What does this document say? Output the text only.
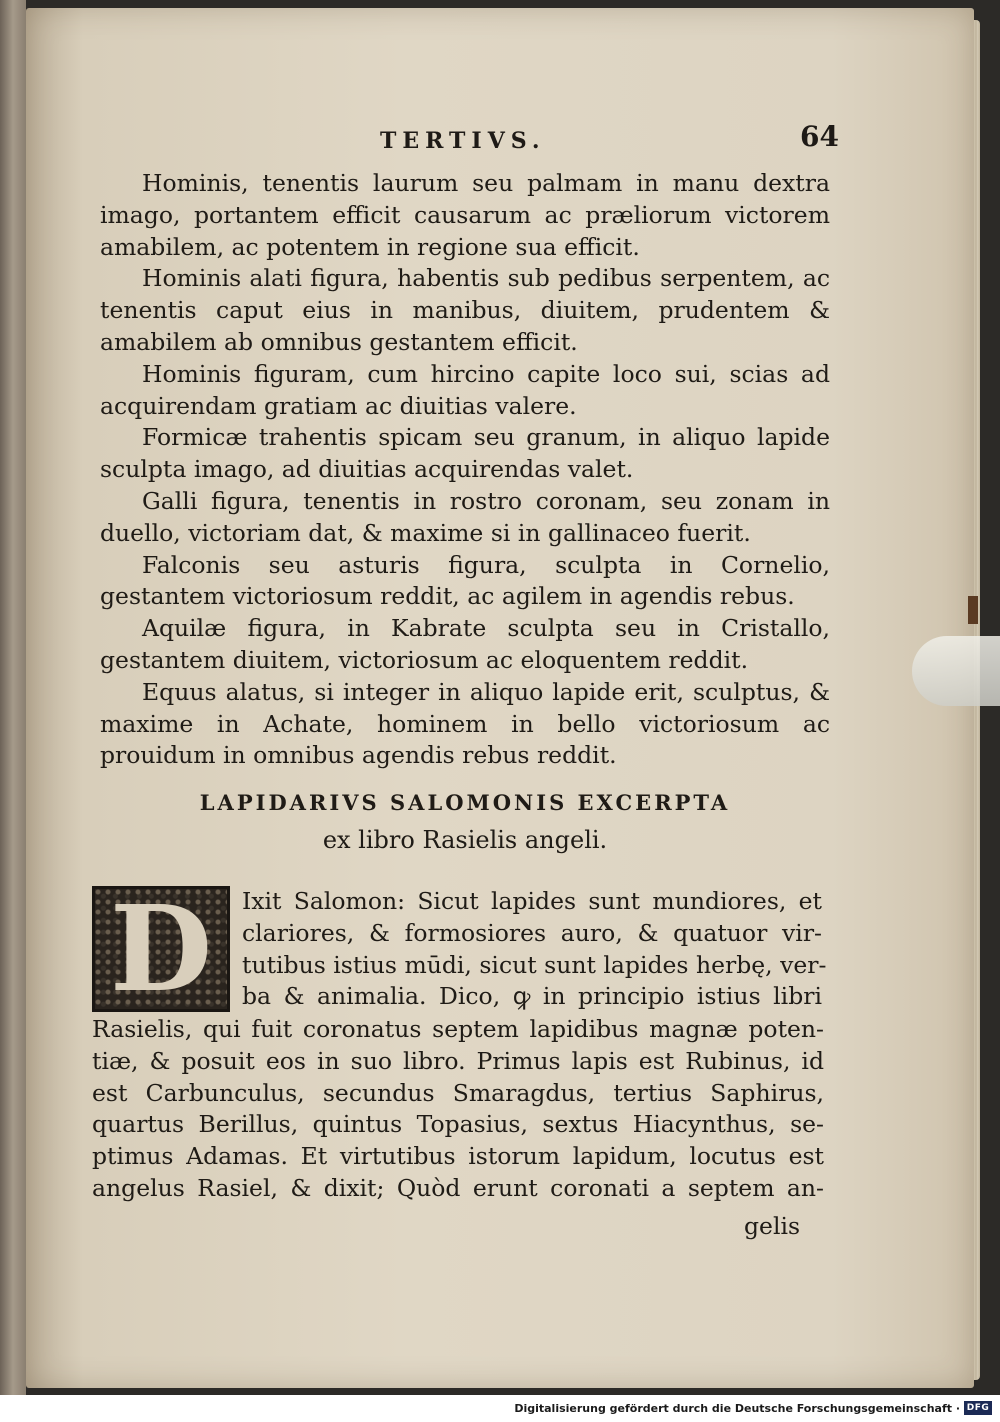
TERTIVS.	64

Hominis, tenentis laurum seu palmam in manu dextra imago, portantem efficit causarum ac præliorum victorem amabilem, ac potentem in regione sua efficit.

Hominis alati figura, habentis sub pedibus serpentem, ac tenentis caput eius in manibus, diuitem, prudentem & amabilem ab omnibus gestantem efficit.

Hominis figuram, cum hircino capite loco sui, scias ad acquirendam gratiam ac diuitias valere.

Formicæ trahentis spicam seu granum, in aliquo lapide sculpta imago, ad diuitias acquirendas valet.

Galli figura, tenentis in rostro coronam, seu zonam in duello, victoriam dat, & maxime si in gallinaceo fuerit.

Falconis seu asturis figura, sculpta in Cornelio, gestantem victoriosum reddit, ac agilem in agendis rebus.

Aquilæ figura, in Kabrate sculpta seu in Cristallo, gestantem diuitem, victoriosum ac eloquentem reddit.

Equus alatus, si integer in aliquo lapide erit, sculptus, & maxime in Achate, hominem in bello victoriosum ac prouidum in omnibus agendis rebus reddit.

LAPIDARIVS SALOMONIS EXCERPTA
ex libro Rasielis angeli.
D	Ixit Salomon: Sicut lapides sunt mundiores, et
clariores, & formosiores auro, & quatuor vir-
tutibus istius mūdi, sicut sunt lapides herbę, ver-
ba & animalia. Dico, ꝙ in principio istius libri
Rasielis, qui fuit coronatus septem lapidibus magnæ poten-
tiæ, & posuit eos in suo libro. Primus lapis est Rubinus, id
est Carbunculus, secundus Smaragdus, tertius Saphirus,
quartus Berillus, quintus Topasius, sextus Hiacynthus, se-
ptimus Adamas. Et virtutibus istorum lapidum, locutus est
angelus Rasiel, & dixit; Quòd erunt coronati a septem an-
gelis
Digitalisierung gefördert durch die Deutsche Forschungsgemeinschaft · DFG
